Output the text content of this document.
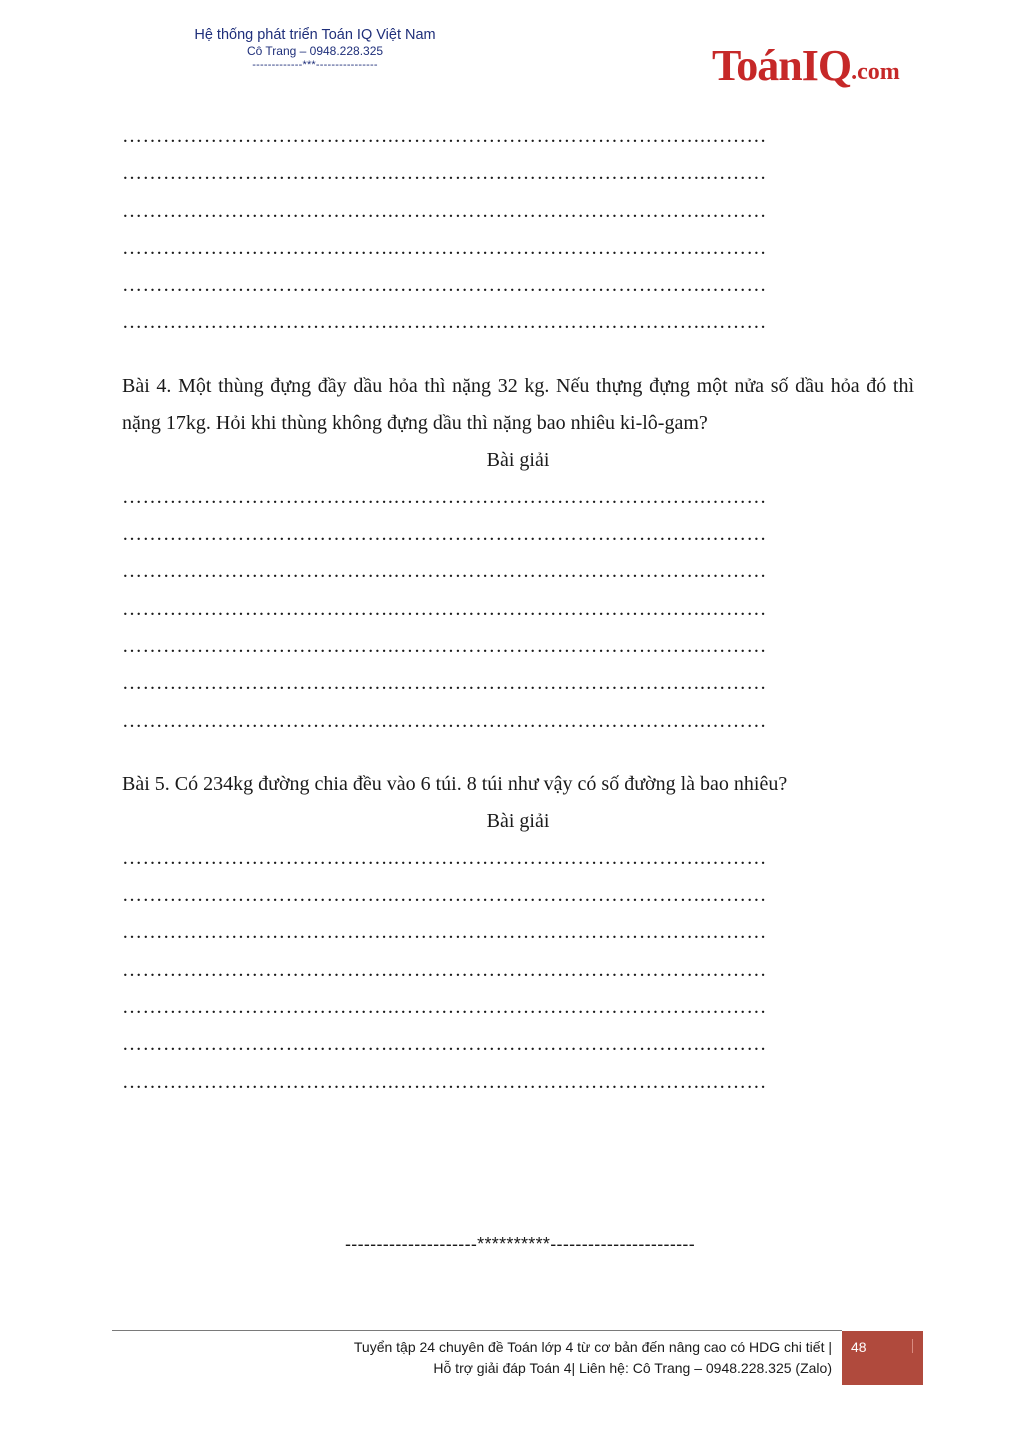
Hệ thống phát triển Toán IQ Việt Nam
Cô Trang – 0948.228.325
-------------***----------------	ToánIQ .com
………………………………….……………………………………….………
………………………………….……………………………………….………
………………………………….……………………………………….………
………………………………….……………………………………….………
………………………………….……………………………………….………
………………………………….……………………………………….………
Bài 4. Một thùng đựng đầy dầu hỏa thì nặng 32 kg. Nếu thựng đựng một nửa số dầu hỏa đó thì nặng 17kg. Hỏi khi thùng không đựng dầu thì nặng bao nhiêu ki-lô-gam?
Bài giải
………………………………….……………………………………….………
………………………………….……………………………………….………
………………………………….……………………………………….………
………………………………….……………………………………….………
………………………………….……………………………………….………
………………………………….……………………………………….………
………………………………….……………………………………….………
Bài 5. Có 234kg đường chia đều vào 6 túi. 8 túi như vậy có số đường là bao nhiêu?
Bài giải
………………………………….……………………………………….………
………………………………….……………………………………….………
………………………………….……………………………………….………
………………………………….……………………………………….………
………………………………….……………………………………….………
………………………………….……………………………………….………
………………………………….……………………………………….………
---------------------**********-----------------------
Tuyển tập 24 chuyên đề Toán lớp 4 từ cơ bản đến nâng cao có HDG chi tiết |
Hỗ trợ giải đáp Toán 4| Liên hệ: Cô Trang – 0948.228.325 (Zalo)
48
